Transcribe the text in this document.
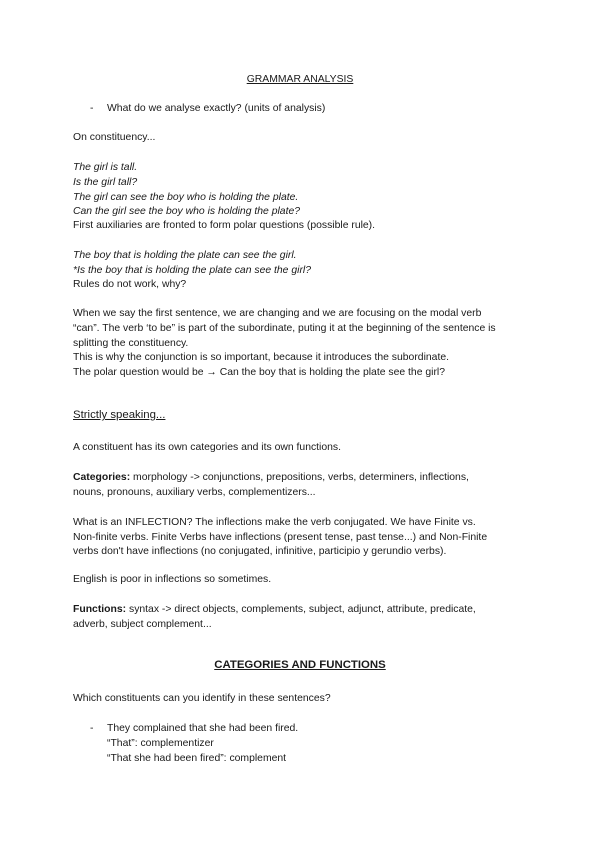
GRAMMAR ANALYSIS
- What do we analyse exactly? (units of analysis)
On constituency...
The girl is tall.
Is the girl tall?
The girl can see the boy who is holding the plate.
Can the girl see the boy who is holding the plate?
First auxiliaries are fronted to form polar questions (possible rule).
The boy that is holding the plate can see the girl.
*Is the boy that is holding the plate can see the girl?
Rules do not work, why?
When we say the first sentence, we are changing and we are focusing on the modal verb
“can”. The verb ‘to be” is part of the subordinate, puting it at the beginning of the sentence is
splitting the constituency.
This is why the conjunction is so important, because it introduces the subordinate.
The polar question would be → Can the boy that is holding the plate see the girl?
Strictly speaking...
A constituent has its own categories and its own functions.
Categories: morphology -> conjunctions, prepositions, verbs, determiners, inflections,
nouns, pronouns, auxiliary verbs, complementizers...
What is an INFLECTION? The inflections make the verb conjugated. We have Finite vs.
Non-finite verbs. Finite Verbs have inflections (present tense, past tense...) and Non-Finite
verbs don't have inflections (no conjugated, infinitive, participio y gerundio verbs).
English is poor in inflections so sometimes.
Functions: syntax -> direct objects, complements, subject, adjunct, attribute, predicate,
adverb, subject complement...
CATEGORIES AND FUNCTIONS
Which constituents can you identify in these sentences?
- They complained that she had been fired.
“That”: complementizer
“That she had been fired”: complement
